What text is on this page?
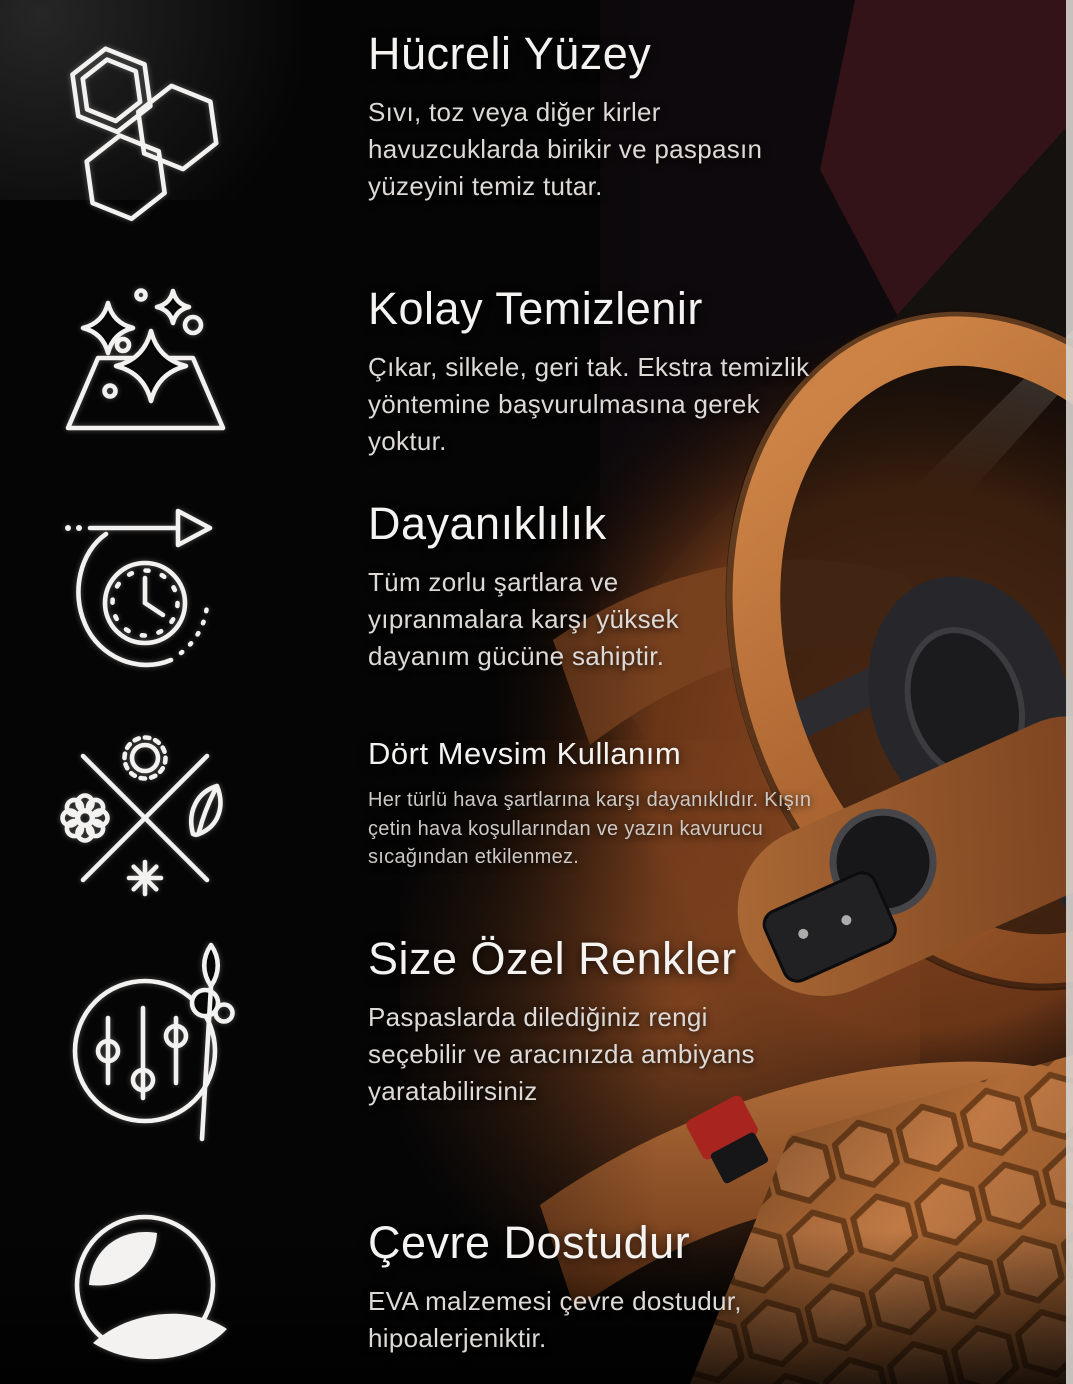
Hücreli Yüzey
Sıvı, toz veya diğer kirler havuzcuklarda birikir ve paspasın yüzeyini temiz tutar.
Kolay Temizlenir
Çıkar, silkele, geri tak. Ekstra temizlik yöntemine başvurulmasına gerek yoktur.
Dayanıklılık
Tüm zorlu şartlara ve yıpranmalara karşı yüksek dayanım gücüne sahiptir.
Dört Mevsim Kullanım
Her türlü hava şartlarına karşı dayanıklıdır. Kışın çetin hava koşullarından ve yazın kavurucu sıcağından etkilenmez.
Size Özel Renkler
Paspaslarda dilediğiniz rengi seçebilir ve aracınızda ambiyans yaratabilirsiniz
Çevre Dostudur
EVA malzemesi çevre dostudur, hipoalerjeniktir.
